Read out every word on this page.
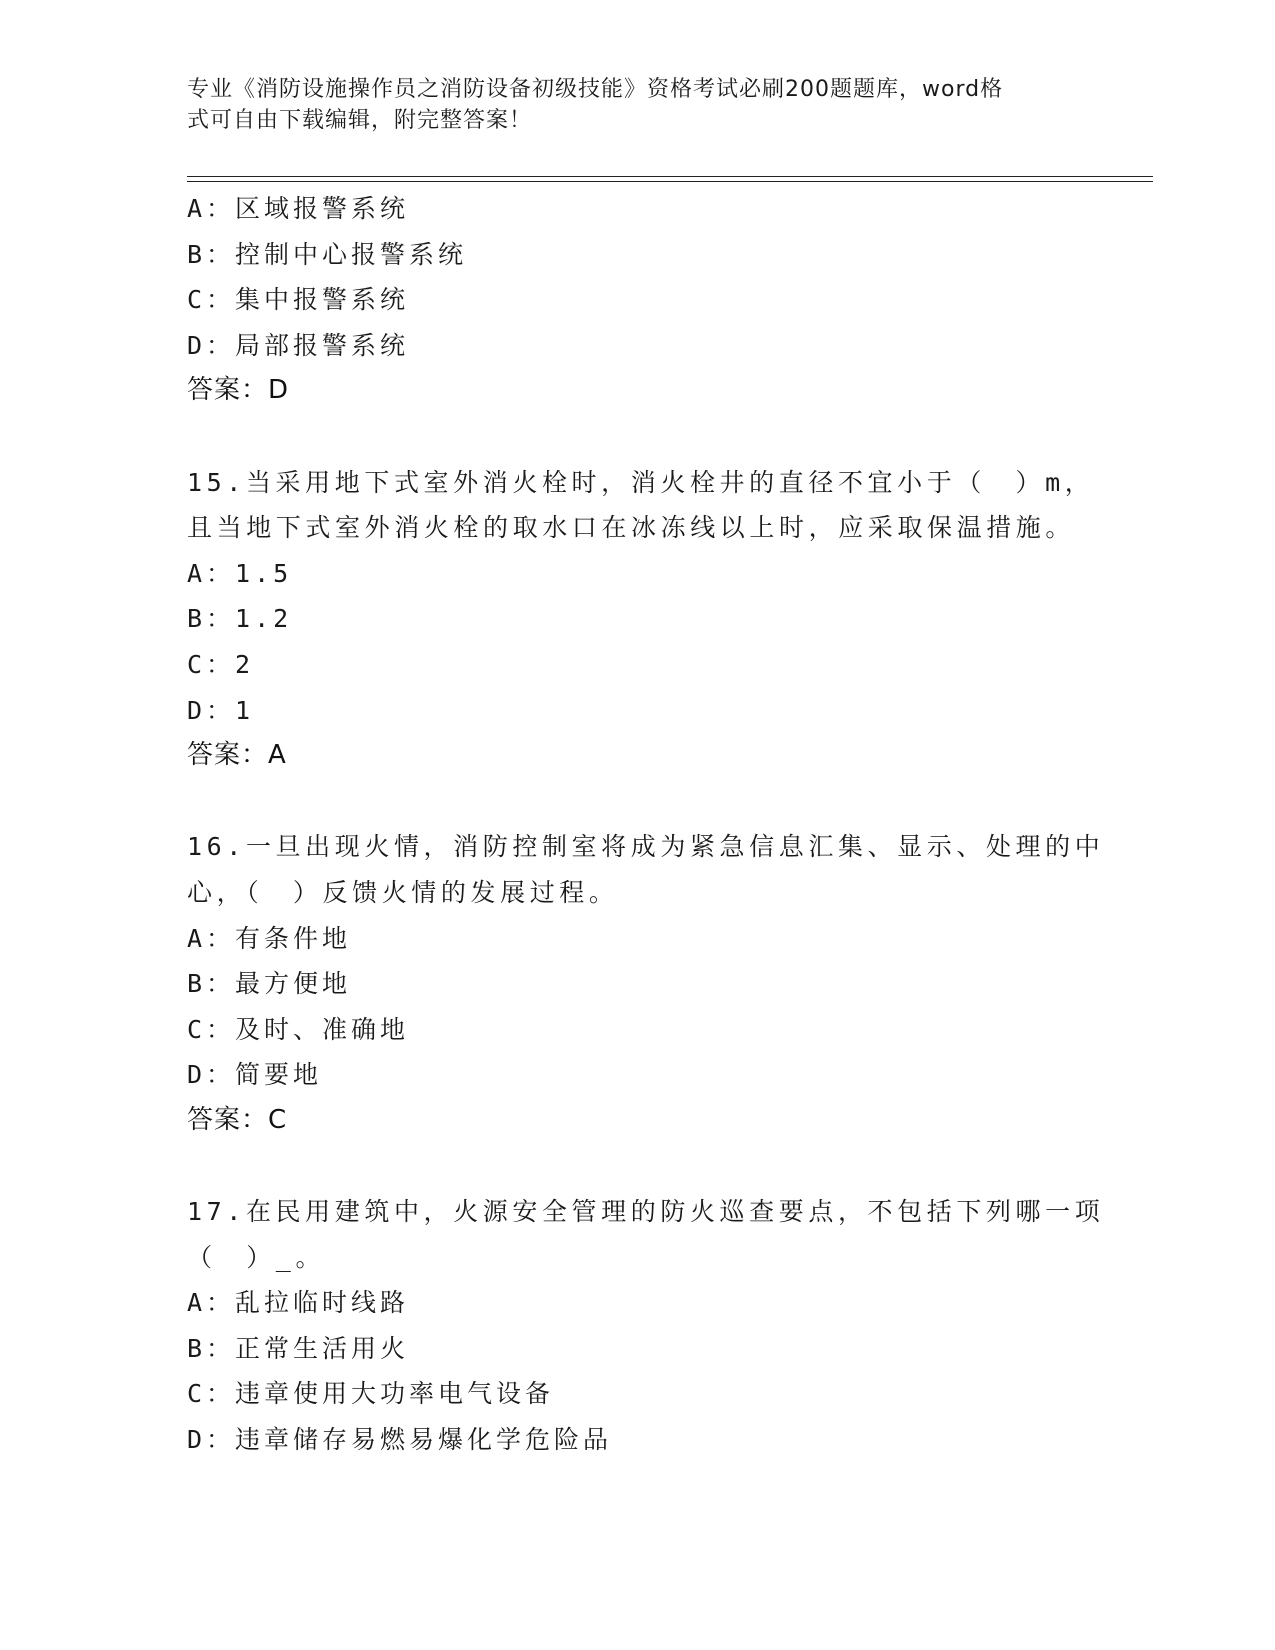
专业《消防设施操作员之消防设备初级技能》资格考试必刷200题题库，word格
式可自由下载编辑，附完整答案！
A：区域报警系统
B：控制中心报警系统
C：集中报警系统
D：局部报警系统
答案：D
15.当采用地下式室外消火栓时，消火栓井的直径不宜小于（　）m，
且当地下式室外消火栓的取水口在冰冻线以上时，应采取保温措施。
A：1.5
B：1.2
C：2
D：1
答案：A
16.一旦出现火情，消防控制室将成为紧急信息汇集、显示、处理的中
心，（　）反馈火情的发展过程。
A：有条件地
B：最方便地
C：及时、准确地
D：简要地
答案：C
17.在民用建筑中，火源安全管理的防火巡查要点，不包括下列哪一项
（　）_。
A：乱拉临时线路
B：正常生活用火
C：违章使用大功率电气设备
D：违章储存易燃易爆化学危险品
